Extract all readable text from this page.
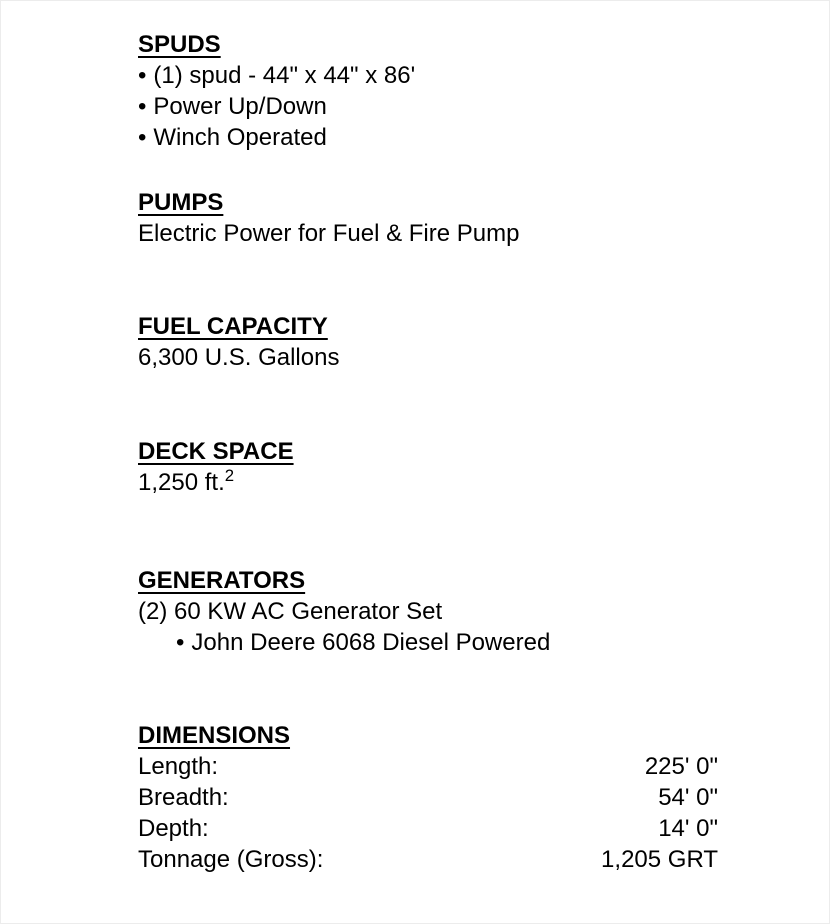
SPUDS
• (1) spud - 44" x 44" x 86'
• Power Up/Down
• Winch Operated
PUMPS
Electric Power for Fuel & Fire Pump
FUEL CAPACITY
6,300 U.S. Gallons
DECK SPACE
1,250 ft.$^2$
GENERATORS
(2) 60 KW AC Generator Set
• John Deere 6068 Diesel Powered
DIMENSIONS
Length:	225' 0"
Breadth:	54' 0"
Depth:	14' 0"
Tonnage (Gross):	1,205 GRT
